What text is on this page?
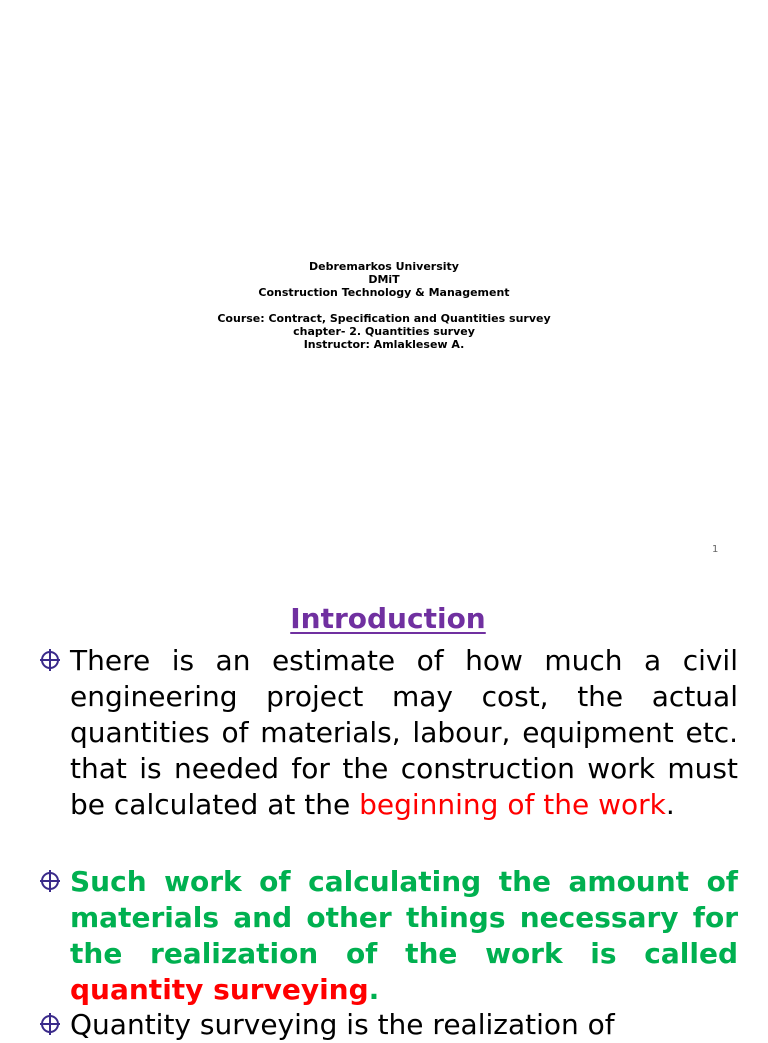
Debremarkos University
DMiT
Construction Technology & Management
Course: Contract, Specification and Quantities survey
chapter- 2. Quantities survey
Instructor: Amlaklesew A.
1
Introduction
There is an estimate of how much a civil engineering project may cost, the actual quantities of materials, labour, equipment etc. that is needed for the construction work must be calculated at the beginning of the work.
Such work of calculating the amount of materials and other things necessary for the realization of the work is called quantity surveying.
Quantity surveying is the realization of
